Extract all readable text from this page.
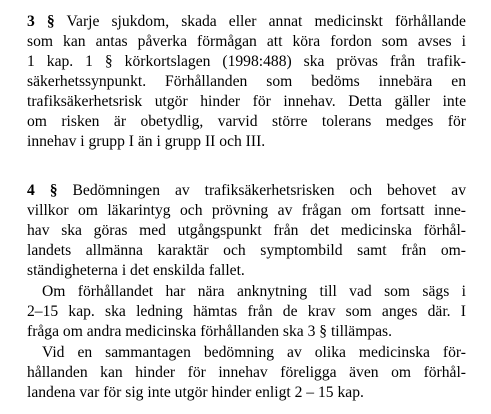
3 § Varje sjukdom, skada eller annat medicinskt förhållande
som kan antas påverka förmågan att köra fordon som avses i
1 kap. 1 § körkortslagen (1998:488) ska prövas från trafik-
säkerhetssynpunkt. Förhållanden som bedöms innebära en
trafiksäkerhetsrisk utgör hinder för innehav. Detta gäller inte
om risken är obetydlig, varvid större tolerans medges för
innehav i grupp I än i grupp II och III.
4 § Bedömningen av trafiksäkerhetsrisken och behovet av
villkor om läkarintyg och prövning av frågan om fortsatt inne-
hav ska göras med utgångspunkt från det medicinska förhål-
landets allmänna karaktär och symptombild samt från om-
ständigheterna i det enskilda fallet.
Om förhållandet har nära anknytning till vad som sägs i
2–15 kap. ska ledning hämtas från de krav som anges där. I
fråga om andra medicinska förhållanden ska 3 § tillämpas.
Vid en sammantagen bedömning av olika medicinska för-
hållanden kan hinder för innehav föreligga även om förhål-
landena var för sig inte utgör hinder enligt 2 – 15 kap.
